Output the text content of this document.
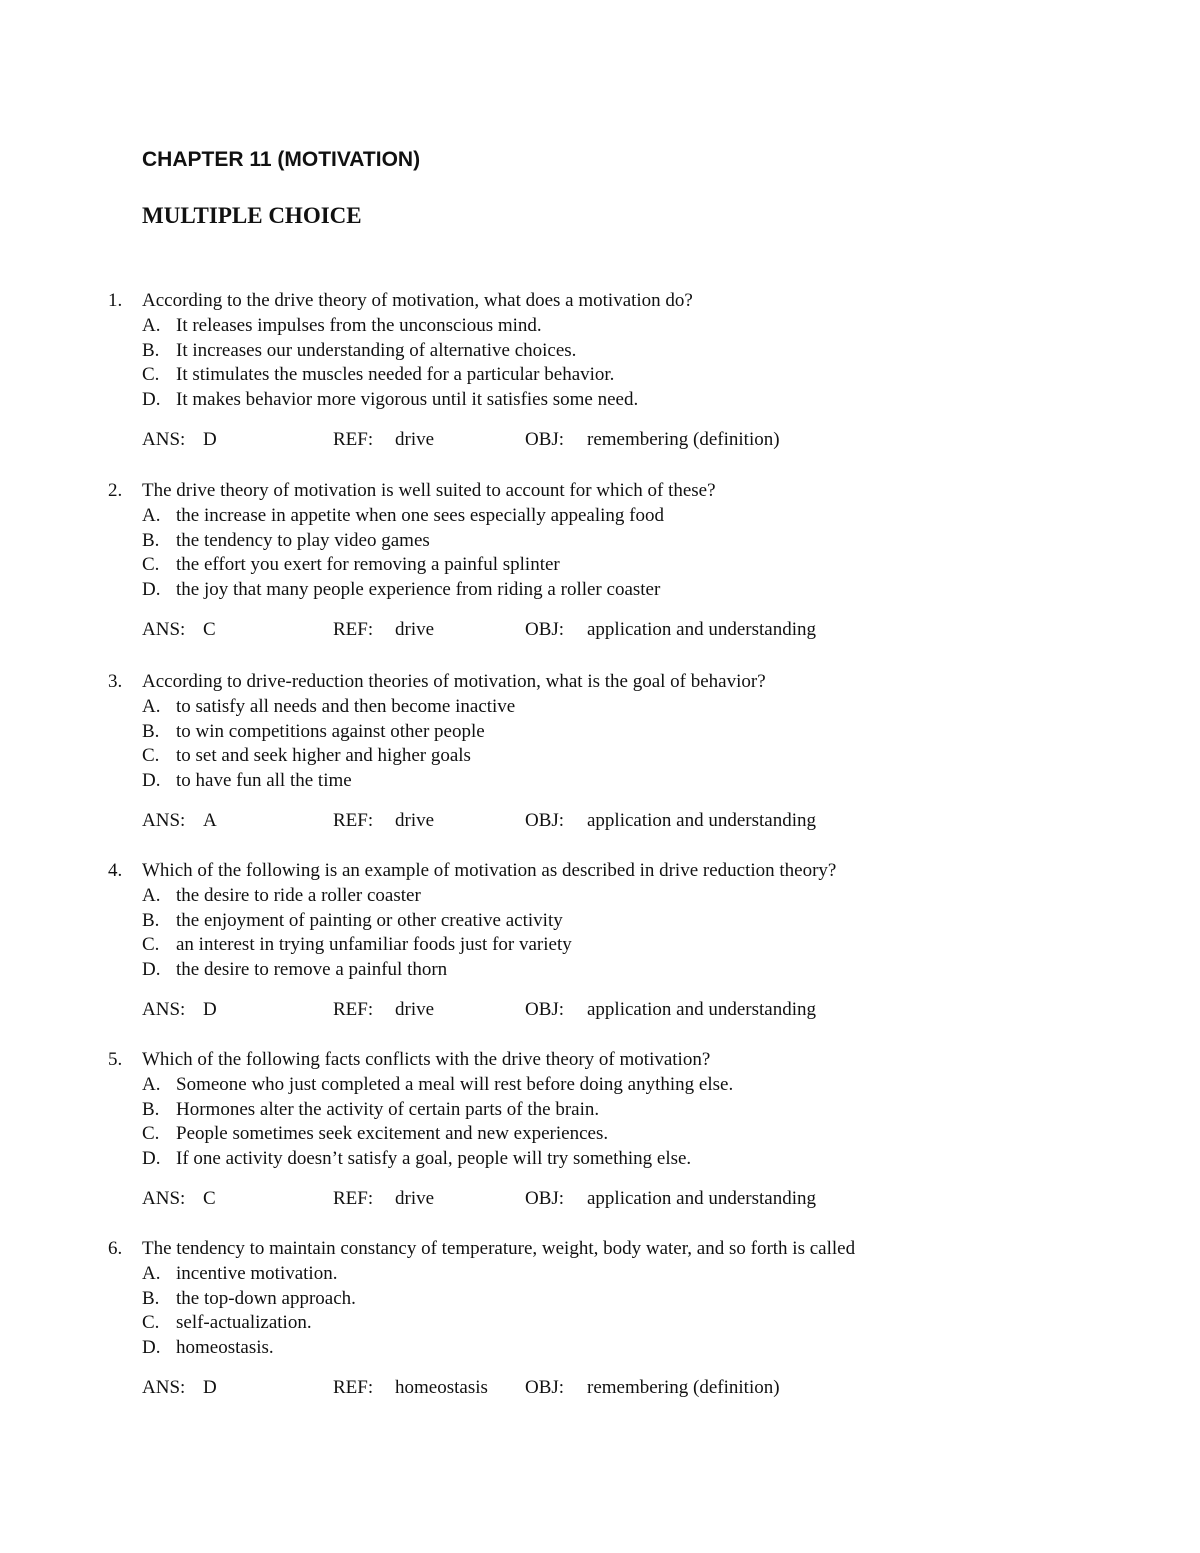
CHAPTER 11 (MOTIVATION)
MULTIPLE CHOICE
1.	According to the drive theory of motivation, what does a motivation do?
A. It releases impulses from the unconscious mind.
B. It increases our understanding of alternative choices.
C. It stimulates the muscles needed for a particular behavior.
D. It makes behavior more vigorous until it satisfies some need.
ANS: D	REF: drive	OBJ: remembering (definition)
2.	The drive theory of motivation is well suited to account for which of these?
A. the increase in appetite when one sees especially appealing food
B. the tendency to play video games
C. the effort you exert for removing a painful splinter
D. the joy that many people experience from riding a roller coaster
ANS: C	REF: drive	OBJ: application and understanding
3.	According to drive-reduction theories of motivation, what is the goal of behavior?
A. to satisfy all needs and then become inactive
B. to win competitions against other people
C. to set and seek higher and higher goals
D. to have fun all the time
ANS: A	REF: drive	OBJ: application and understanding
4.	Which of the following is an example of motivation as described in drive reduction theory?
A. the desire to ride a roller coaster
B. the enjoyment of painting or other creative activity
C. an interest in trying unfamiliar foods just for variety
D. the desire to remove a painful thorn
ANS: D	REF: drive	OBJ: application and understanding
5.	Which of the following facts conflicts with the drive theory of motivation?
A. Someone who just completed a meal will rest before doing anything else.
B. Hormones alter the activity of certain parts of the brain.
C. People sometimes seek excitement and new experiences.
D. If one activity doesn’t satisfy a goal, people will try something else.
ANS: C	REF: drive	OBJ: application and understanding
6.	The tendency to maintain constancy of temperature, weight, body water, and so forth is called
A. incentive motivation.
B. the top-down approach.
C. self-actualization.
D. homeostasis.
ANS: D	REF: homeostasis OBJ: remembering (definition)
